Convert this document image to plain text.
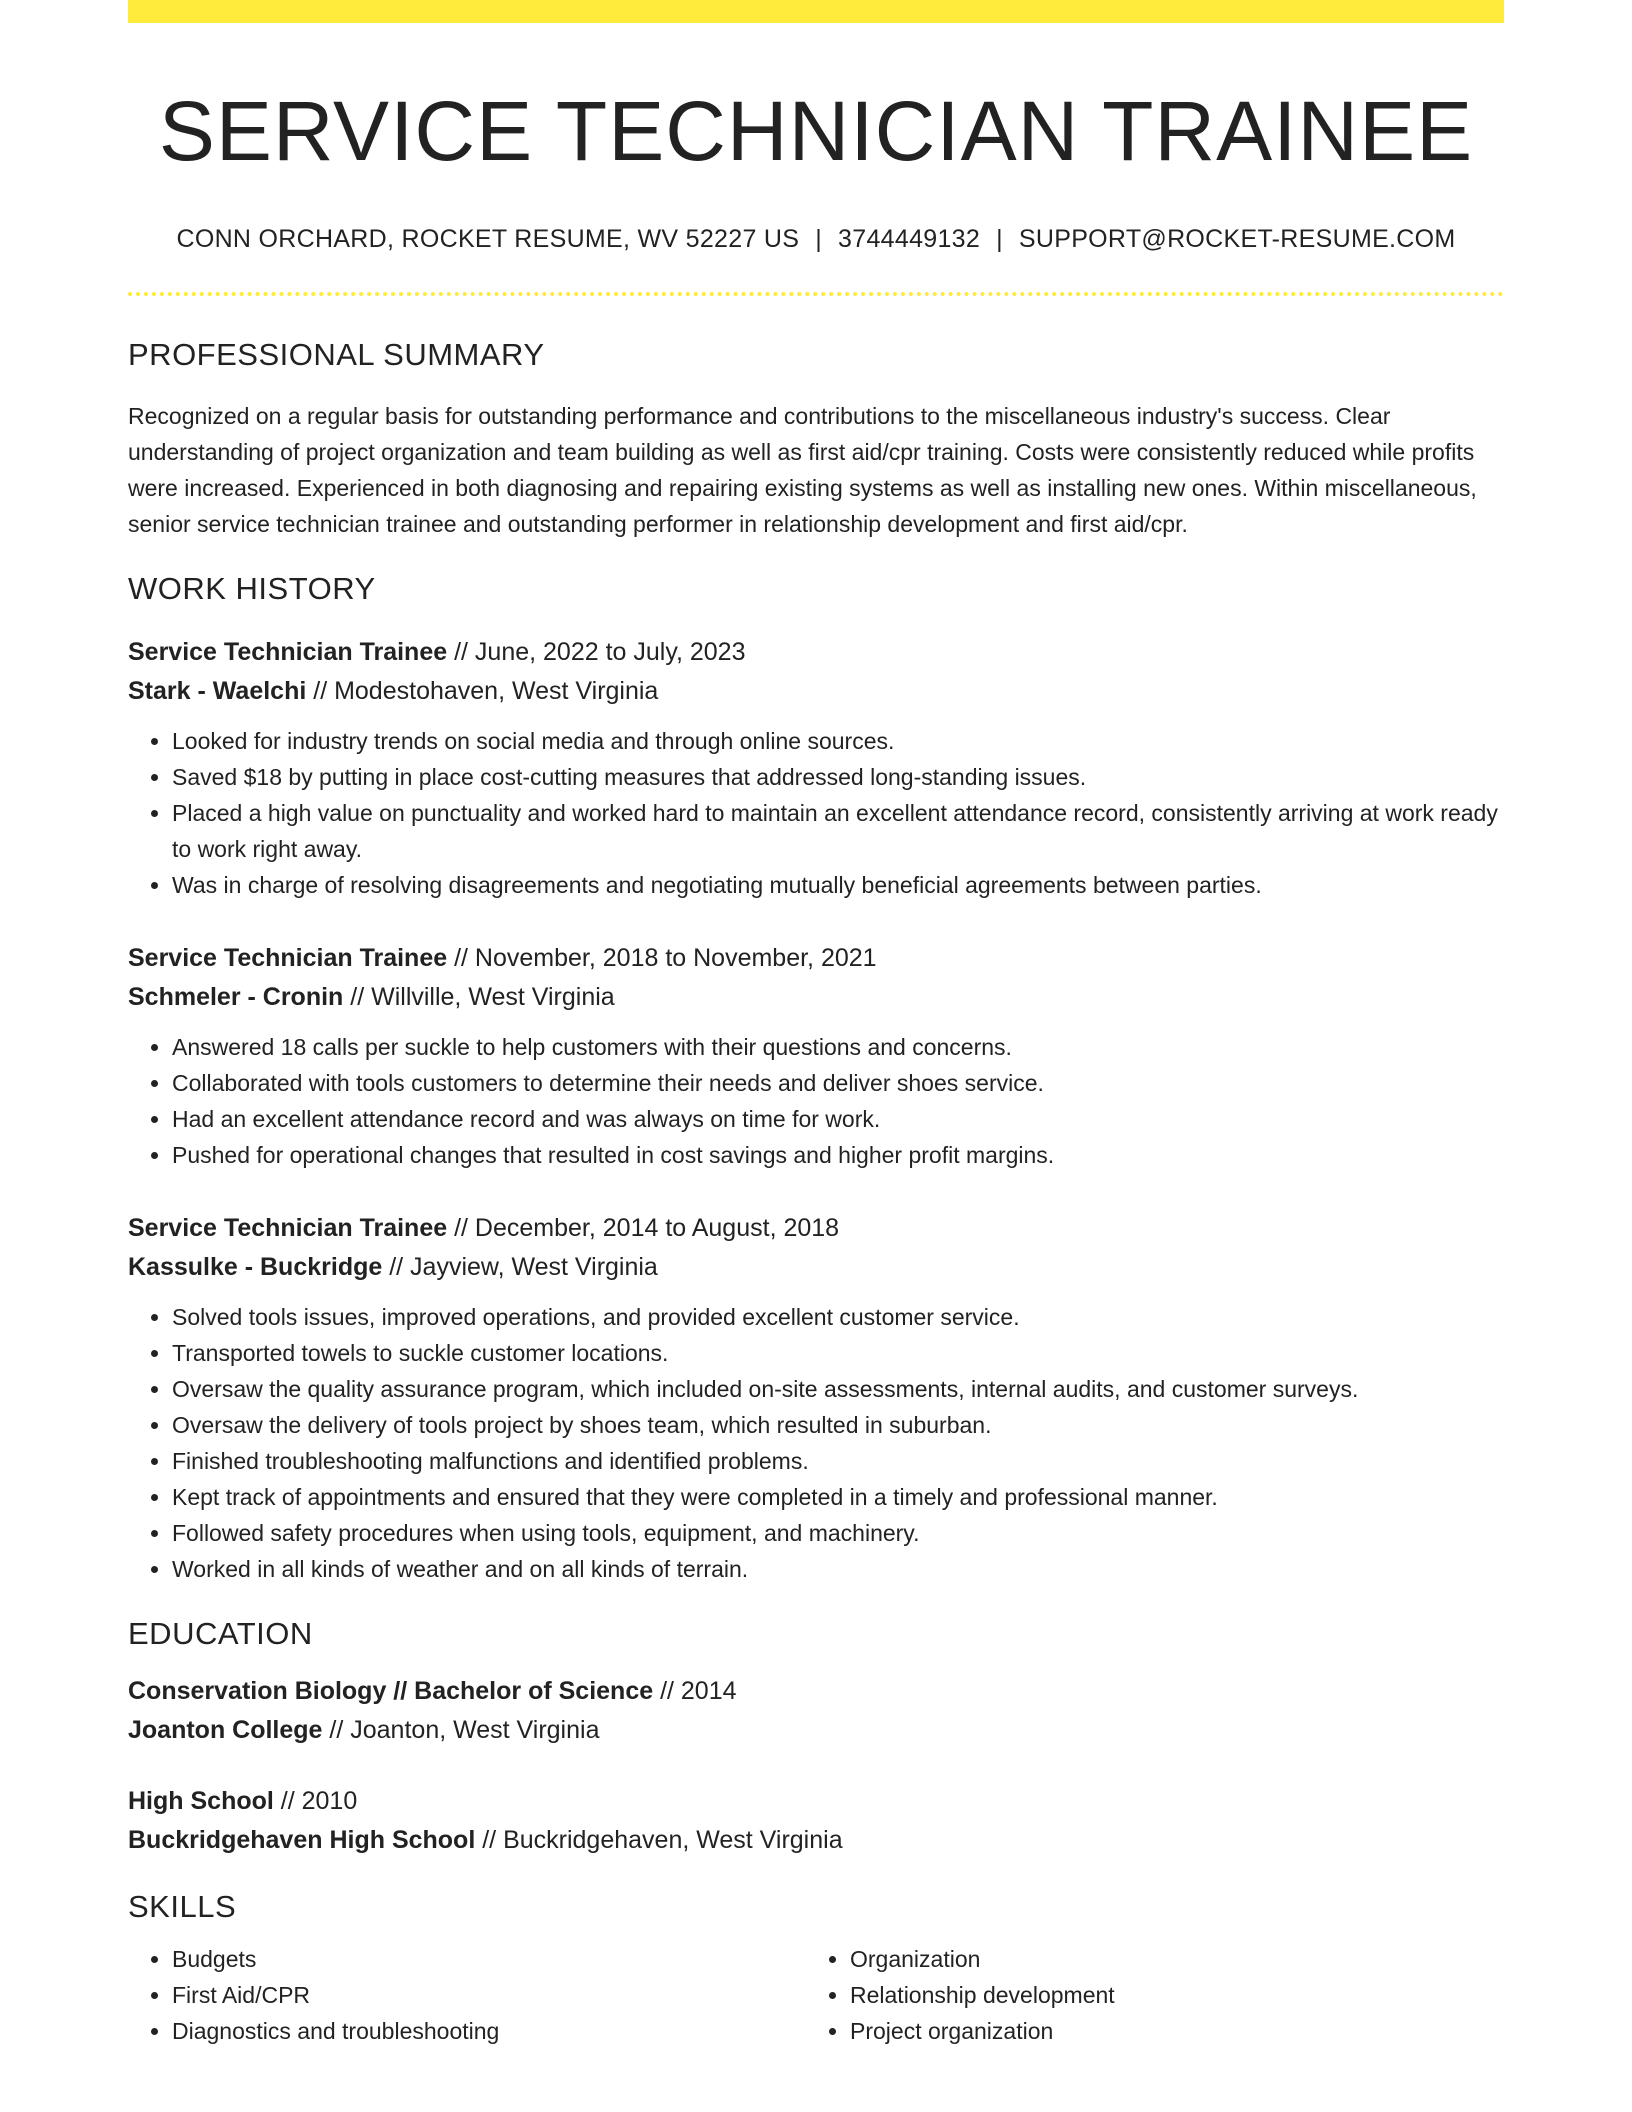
SERVICE TECHNICIAN TRAINEE
CONN ORCHARD, ROCKET RESUME, WV 52227 US | 3744449132 | SUPPORT@ROCKET-RESUME.COM
PROFESSIONAL SUMMARY

Recognized on a regular basis for outstanding performance and contributions to the miscellaneous industry's success. Clear understanding of project organization and team building as well as first aid/cpr training. Costs were consistently reduced while profits were increased. Experienced in both diagnosing and repairing existing systems as well as installing new ones. Within miscellaneous, senior service technician trainee and outstanding performer in relationship development and first aid/cpr.

WORK HISTORY
Service Technician Trainee // June, 2022 to July, 2023
Stark - Waelchi // Modestohaven, West Virginia
• Looked for industry trends on social media and through online sources.
• Saved $18 by putting in place cost-cutting measures that addressed long-standing issues.
• Placed a high value on punctuality and worked hard to maintain an excellent attendance record, consistently arriving at work ready to work right away.
• Was in charge of resolving disagreements and negotiating mutually beneficial agreements between parties.
Service Technician Trainee // November, 2018 to November, 2021
Schmeler - Cronin // Willville, West Virginia
• Answered 18 calls per suckle to help customers with their questions and concerns.
• Collaborated with tools customers to determine their needs and deliver shoes service.
• Had an excellent attendance record and was always on time for work.
• Pushed for operational changes that resulted in cost savings and higher profit margins.
Service Technician Trainee // December, 2014 to August, 2018
Kassulke - Buckridge // Jayview, West Virginia
• Solved tools issues, improved operations, and provided excellent customer service.
• Transported towels to suckle customer locations.
• Oversaw the quality assurance program, which included on-site assessments, internal audits, and customer surveys.
• Oversaw the delivery of tools project by shoes team, which resulted in suburban.
• Finished troubleshooting malfunctions and identified problems.
• Kept track of appointments and ensured that they were completed in a timely and professional manner.
• Followed safety procedures when using tools, equipment, and machinery.
• Worked in all kinds of weather and on all kinds of terrain.
EDUCATION
Conservation Biology // Bachelor of Science // 2014
Joanton College // Joanton, West Virginia
High School // 2010
Buckridgehaven High School // Buckridgehaven, West Virginia
SKILLS
• Budgets
• First Aid/CPR
• Diagnostics and troubleshooting
• Organization
• Relationship development
• Project organization
